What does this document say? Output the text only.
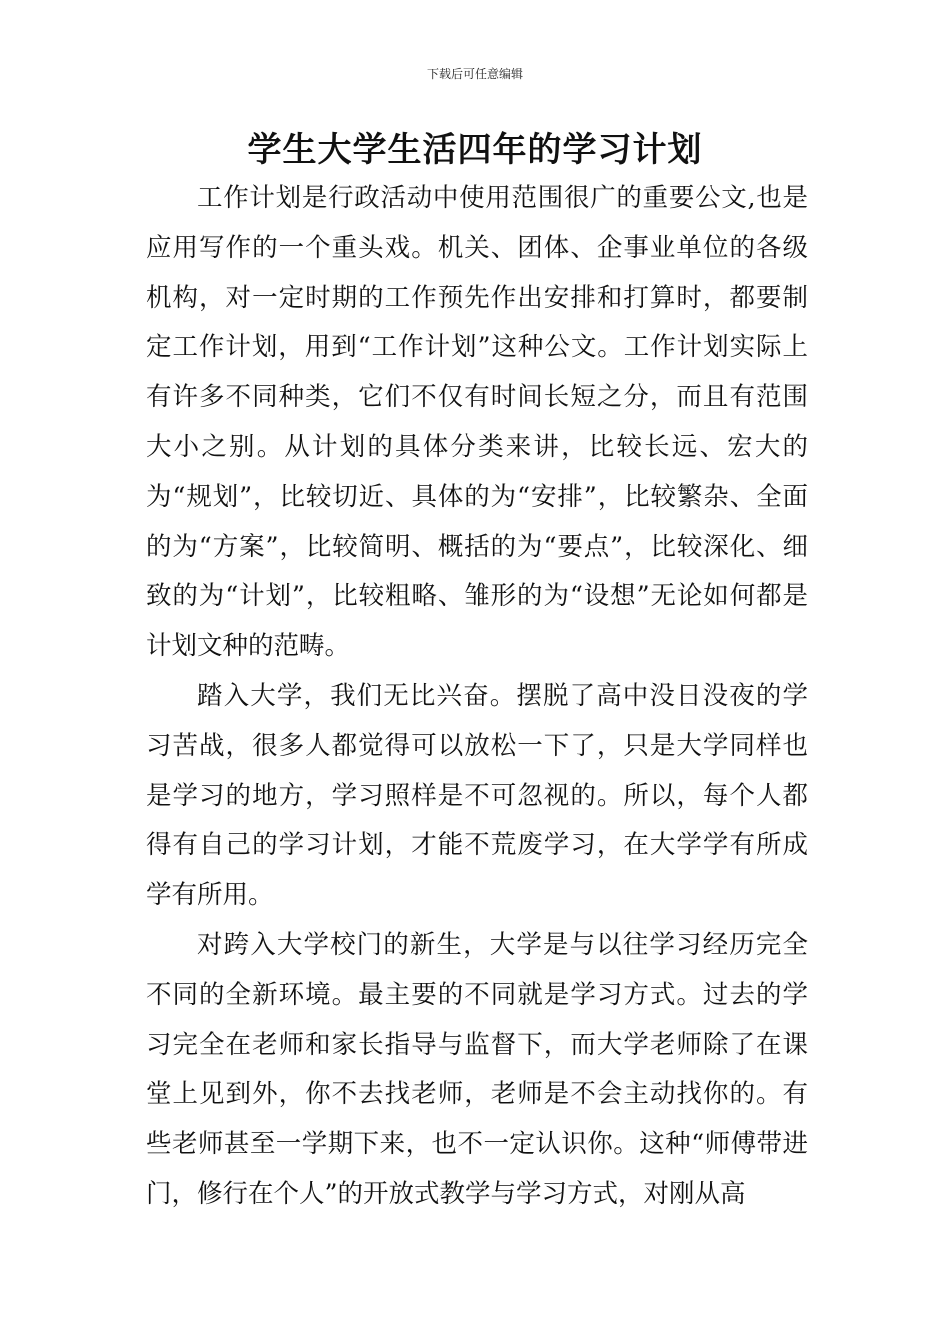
下载后可任意编辑
学生大学生活四年的学习计划

工作计划是行政活动中使用范围很广的重要公文,也是应用写作的一个重头戏。机关、团体、企事业单位的各级机构，对一定时期的工作预先作出安排和打算时，都要制定工作计划，用到“工作计划”这种公文。工作计划实际上有许多不同种类，它们不仅有时间长短之分，而且有范围大小之别。从计划的具体分类来讲，比较长远、宏大的为“规划”，比较切近、具体的为“安排”，比较繁杂、全面的为“方案”，比较简明、概括的为“要点”，比较深化、细致的为“计划”，比较粗略、雏形的为“设想”无论如何都是计划文种的范畴。

踏入大学，我们无比兴奋。摆脱了高中没日没夜的学习苦战，很多人都觉得可以放松一下了，只是大学同样也是学习的地方，学习照样是不可忽视的。所以，每个人都得有自己的学习计划，才能不荒废学习，在大学学有所成学有所用。

对跨入大学校门的新生，大学是与以往学习经历完全不同的全新环境。最主要的不同就是学习方式。过去的学习完全在老师和家长指导与监督下，而大学老师除了在课堂上见到外，你不去找老师，老师是不会主动找你的。有些老师甚至一学期下来，也不一定认识你。这种“师傅带进门，修行在个人”的开放式教学与学习方式，对刚从高
